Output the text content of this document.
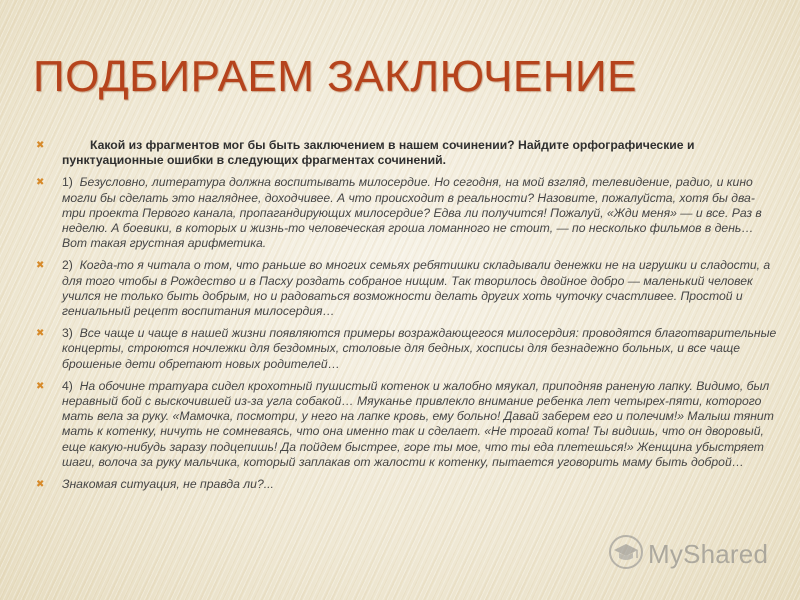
ПОДБИРАЕМ ЗАКЛЮЧЕНИЕ
✖	Какой из фрагментов мог бы быть заключением в нашем сочинении? Найдите орфографические и пунктуационные ошибки в следующих фрагментах сочинений.
✖ 1) Безусловно, литература должна воспитывать милосердие. Но сегодня, на мой взгляд, телевидение, радио, и кино могли бы сделать это нагляднее, доходчивее. А что происходит в реальности? Назовите, пожалуйста, хотя бы два-три проекта Первого канала, пропагандирующих милосердие? Едва ли получится! Пожалуй, «Жди меня» — и все. Раз в неделю. А боевики, в которых и жизнь-то человеческая гроша ломанного не стоит, — по несколько фильмов в день… Вот такая грустная арифметика.
✖ 2) Когда-то я читала о том, что раньше во многих семьях ребятишки складывали денежки не на игрушки и сладости, а для того чтобы в Рождество и в Пасху роздать собраное нищим. Так творилось двойное добро — маленький человек учился не только быть добрым, но и радоваться возможности делать других хоть чуточку счастливее. Простой и гениальный рецепт воспитания милосердия…
✖ 3) Все чаще и чаще в нашей жизни появляются примеры возраждающегося милосердия: проводятся благотварительные концерты, строются ночлежки для бездомных, столовые для бедных, хосписы для безнадежно больных, и все чаще брошеные дети обретают новых родителей…
✖ 4) На обочине тратуара сидел крохотный пушистый котенок и жалобно мяукал, приподняв раненую лапку. Видимо, был неравный бой с выскочившей из-за угла собакой… Мяуканье привлекло внимание ребенка лет четырех-пяти, которого мать вела за руку. «Мамочка, посмотри, у него на лапке кровь, ему больно! Давай заберем его и полечим!» Малыш тянит мать к котенку, ничуть не сомневаясь, что она именно так и сделает. «Не трогай кота! Ты видишь, что он дворовый, еще какую-нибудь заразу подцепишь! Да пойдем быстрее, горе ты мое, что ты еда плетешься!» Женщина убыстряет шаги, волоча за руку мальчика, который заплакав от жалости к котенку, пытается уговорить маму быть доброй…
✖ Знакомая ситуация, не правда ли?...
MyShared
